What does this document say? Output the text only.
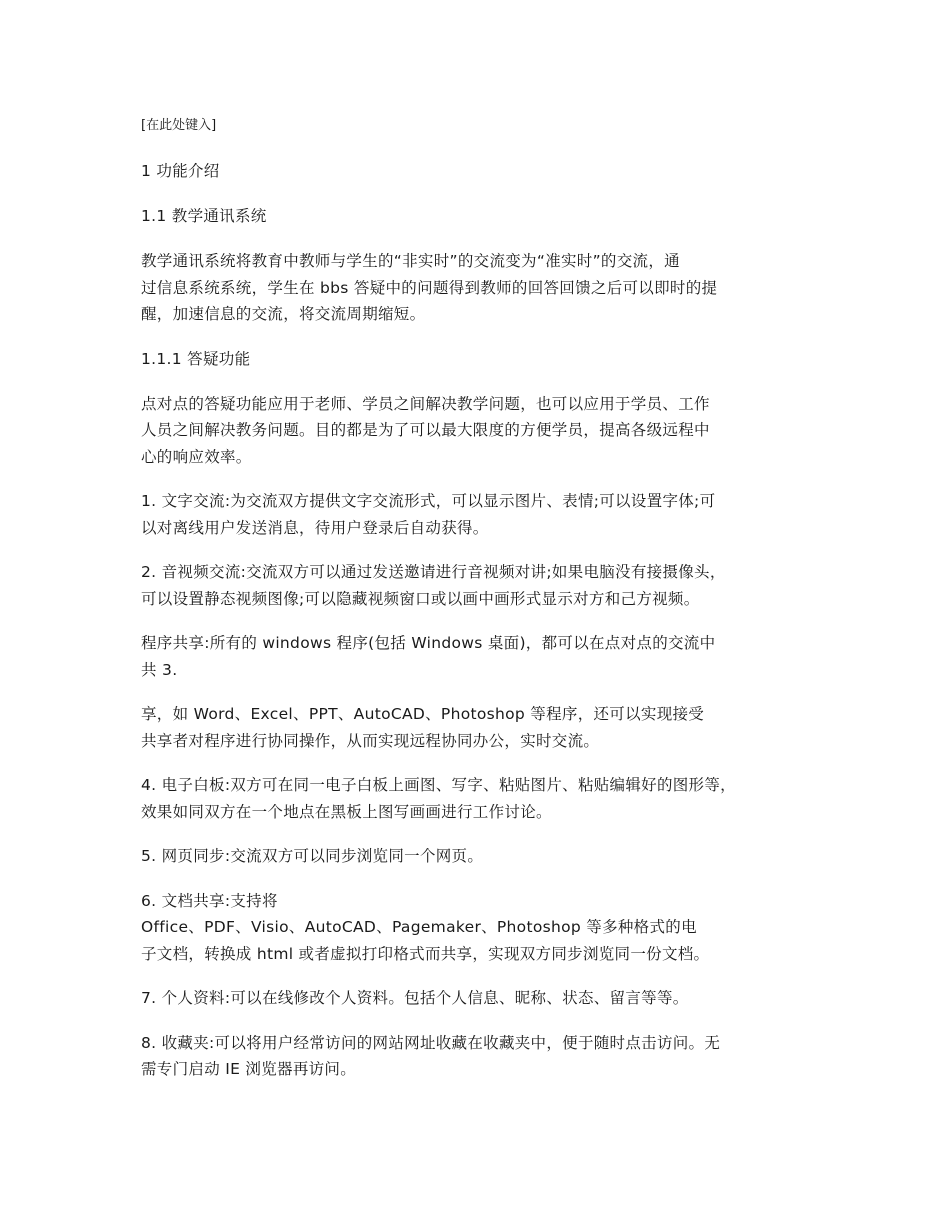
[在此处键入]
1 功能介绍
1.1 教学通讯系统
教学通讯系统将教育中教师与学生的“非实时”的交流变为“准实时”的交流，通
过信息系统系统，学生在 bbs 答疑中的问题得到教师的回答回馈之后可以即时的提
醒，加速信息的交流，将交流周期缩短。
1.1.1 答疑功能
点对点的答疑功能应用于老师、学员之间解决教学问题，也可以应用于学员、工作
人员之间解决教务问题。目的都是为了可以最大限度的方便学员，提高各级远程中
心的响应效率。
1. 文字交流:为交流双方提供文字交流形式，可以显示图片、表情;可以设置字体;可
以对离线用户发送消息，待用户登录后自动获得。
2. 音视频交流:交流双方可以通过发送邀请进行音视频对讲;如果电脑没有接摄像头，
可以设置静态视频图像;可以隐藏视频窗口或以画中画形式显示对方和己方视频。
程序共享:所有的 windows 程序(包括 Windows 桌面)，都可以在点对点的交流中
共 3.
享，如 Word、Excel、PPT、AutoCAD、Photoshop 等程序，还可以实现接受
共享者对程序进行协同操作，从而实现远程协同办公，实时交流。
4. 电子白板:双方可在同一电子白板上画图、写字、粘贴图片、粘贴编辑好的图形等，
效果如同双方在一个地点在黑板上图写画画进行工作讨论。
5. 网页同步:交流双方可以同步浏览同一个网页。
6. 文档共享:支持将
Office、PDF、Visio、AutoCAD、Pagemaker、Photoshop 等多种格式的电
子文档，转换成 html 或者虚拟打印格式而共享，实现双方同步浏览同一份文档。
7. 个人资料:可以在线修改个人资料。包括个人信息、昵称、状态、留言等等。
8. 收藏夹:可以将用户经常访问的网站网址收藏在收藏夹中，便于随时点击访问。无
需专门启动 IE 浏览器再访问。
